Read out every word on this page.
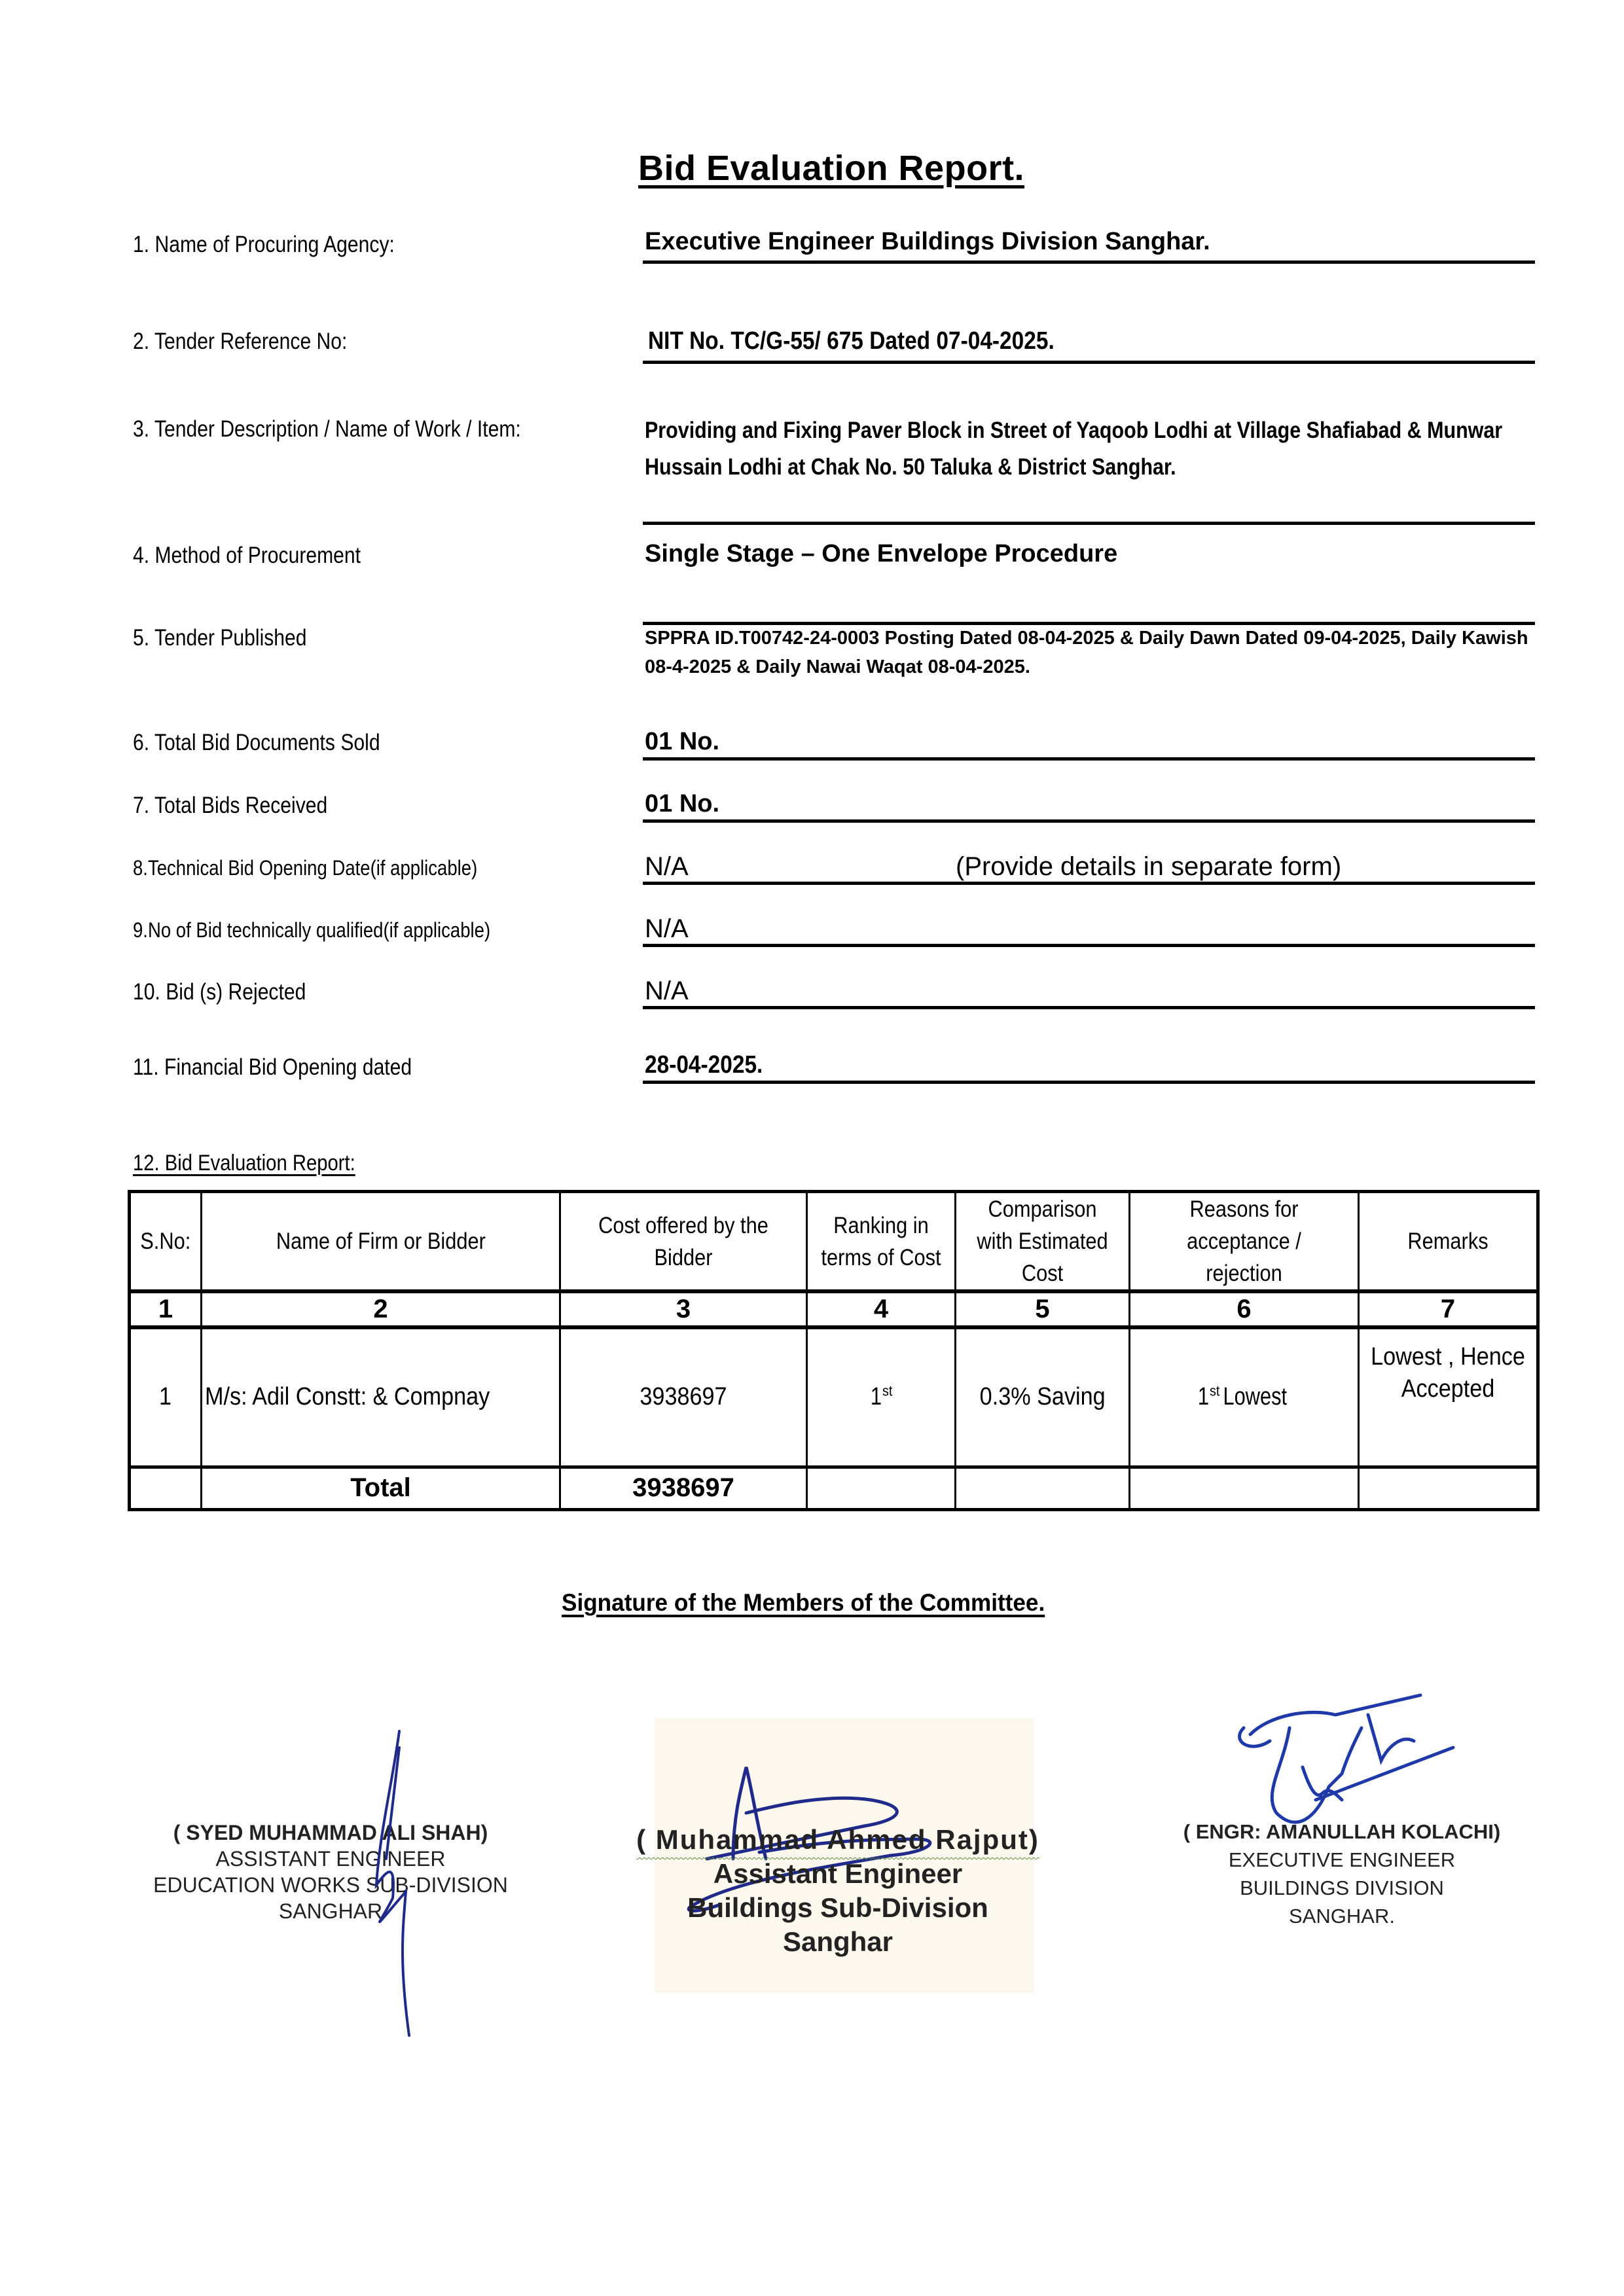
Bid Evaluation Report.
1. Name of Procuring Agency:	Executive Engineer Buildings Division Sanghar.
2. Tender Reference No:	NIT No. TC/G-55/ 675 Dated 07-04-2025.
3. Tender Description / Name of Work / Item:	Providing and Fixing Paver Block in Street of Yaqoob Lodhi at Village Shafiabad & Munwar Hussain Lodhi at Chak No. 50 Taluka & District Sanghar.
4. Method of Procurement	Single Stage – One Envelope Procedure
5. Tender Published	SPPRA ID.T00742-24-0003 Posting Dated 08-04-2025 & Daily Dawn Dated 09-04-2025, Daily Kawish 08-4-2025 & Daily Nawai Waqat 08-04-2025.
6. Total Bid Documents Sold	01 No.
7. Total Bids Received	01 No.
8.Technical Bid Opening Date(if applicable)	N/A	(Provide details in separate form)
9.No of Bid technically qualified(if applicable)	N/A
10. Bid (s) Rejected	N/A
11. Financial Bid Opening dated	28-04-2025.
12. Bid Evaluation Report:
S.No:	Name of Firm or Bidder	Cost offered by the Bidder	Ranking in terms of Cost	Comparison with Estimated Cost	Reasons for acceptance / rejection	Remarks
1	2	3	4	5	6	7
1	M/s: Adil Constt: & Compnay	3938697	1st	0.3% Saving	1stLowest	Lowest , Hence Accepted
	Total	3938697				
Signature of the Members of the Committee.
( SYED MUHAMMAD ALI SHAH)
ASSISTANT ENGINEER
EDUCATION WORKS SUB-DIVISION
SANGHAR
( Muhammad Ahmed Rajput)
Assistant Engineer
Buildings Sub-Division
Sanghar
( ENGR: AMANULLAH KOLACHI)
EXECUTIVE ENGINEER
BUILDINGS DIVISION
SANGHAR.
